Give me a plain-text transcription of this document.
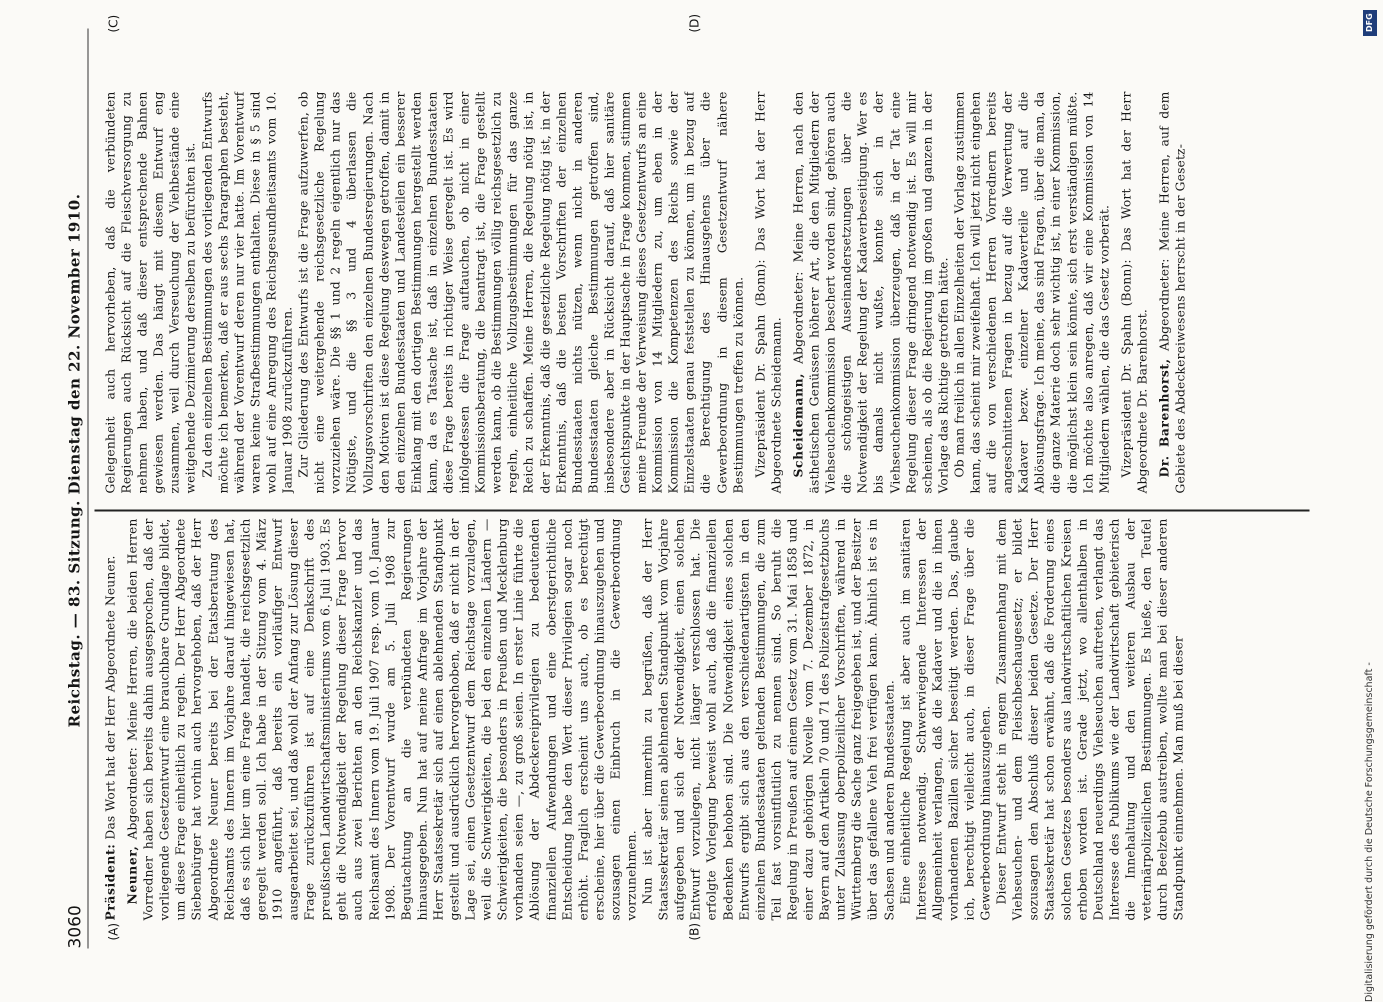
3060
Reichstag. — 83. Sitzung. Dienstag den 22. November 1910.
(A)	(B)
(C)	(D)

Präsident: Das Wort hat der Herr Abgeordnete Neuner.

Neuner, Abgeordneter: Meine Herren, die beiden Herren Vorredner haben sich bereits dahin ausgesprochen, daß der vorliegende Gesetzentwurf eine brauchbare Grundlage bildet, um diese Frage einheitlich zu regeln. Der Herr Abgeordnete Siebenbürger hat vorhin auch hervorgehoben, daß der Herr Abgeordnete Neuner bereits bei der Etatsberatung des Reichsamts des Innern im Vorjahre darauf hingewiesen hat, daß es sich hier um eine Frage handelt, die reichsgesetzlich geregelt werden soll. Ich habe in der Sitzung vom 4. März 1910 angeführt, daß bereits ein vorläufiger Entwurf ausgearbeitet sei, und daß wohl der Anfang zur Lösung dieser Frage zurückzuführen ist auf eine Denkschrift des preußischen Landwirtschaftsministeriums vom 6. Juli 1903. Es geht die Notwendigkeit der Regelung dieser Frage hervor auch aus zwei Berichten an den Reichskanzler und das Reichsamt des Innern vom 19. Juli 1907 resp. vom 10. Januar 1908. Der Vorentwurf wurde am 5. Juli 1908 zur Begutachtung an die verbündeten Regierungen hinausgegeben. Nun hat auf meine Anfrage im Vorjahre der Herr Staatssekretär sich auf einen ablehnenden Standpunkt gestellt und ausdrücklich hervorgehoben, daß er nicht in der Lage sei, einen Gesetzentwurf dem Reichstage vorzulegen, weil die Schwierigkeiten, die bei den einzelnen Ländern — Schwierigkeiten, die besonders in Preußen und Mecklenburg vorhanden seien —, zu groß seien. In erster Linie führte die Ablösung der Abdeckereiprivilegien zu bedeutenden finanziellen Aufwendungen und eine oberstgerichtliche Entscheidung habe den Wert dieser Privilegien sogar noch erhöht. Fraglich erscheint uns auch, ob es berechtigt erscheine, hier über die Gewerbeordnung hinauszugehen und sozusagen einen Einbruch in die Gewerbeordnung vorzunehmen. Nun ist aber immerhin zu begrüßen, daß der Herr Staatssekretär seinen ablehnenden Standpunkt vom Vorjahre aufgegeben und sich der Notwendigkeit, einen solchen Entwurf vorzulegen, nicht länger verschlossen hat. Die erfolgte Vorlegung beweist wohl auch, daß die finanziellen Bedenken behoben sind. Die Notwendigkeit eines solchen Entwurfs ergibt sich aus den verschiedenartigsten in den einzelnen Bundesstaaten geltenden Bestimmungen, die zum Teil fast vorsintflutlich zu nennen sind. So beruht die Regelung in Preußen auf einem Gesetz vom 31. Mai 1858 und einer dazu gehörigen Novelle vom 7. Dezember 1872, in Bayern auf den Artikeln 70 und 71 des Polizeistrafgesetzbuchs unter Zulassung oberpolizeilicher Vorschriften, während in Württemberg die Sache ganz freigegeben ist, und der Besitzer über das gefallene Vieh frei verfügen kann. Ähnlich ist es in Sachsen und anderen Bundesstaaten. Eine einheitliche Regelung ist aber auch im sanitären Interesse notwendig. Schwerwiegende Interessen der Allgemeinheit verlangen, daß die Kadaver und die in ihnen vorhandenen Bazillen sicher beseitigt werden. Das, glaube ich, berechtigt vielleicht auch, in dieser Frage über die Gewerbeordnung hinauszugehen. Dieser Entwurf steht in engem Zusammenhang mit dem Viehseuchen- und dem Fleischbeschaugesetz; er bildet sozusagen den Abschluß dieser beiden Gesetze. Der Herr Staatssekretär hat schon erwähnt, daß die Forderung eines solchen Gesetzes besonders aus landwirtschaftlichen Kreisen erhoben worden ist. Gerade jetzt, wo allenthalben in Deutschland neuerdings Viehseuchen auftreten, verlangt das Interesse des Publikums wie der Landwirtschaft gebieterisch die Innehaltung und den weiteren Ausbau der veterinärpolizeilichen Bestimmungen. Es hieße, den Teufel durch Beelzebub austreiben, wollte man bei dieser anderen Standpunkt einnehmen. Man muß bei dieser

Gelegenheit auch hervorheben, daß die verbündeten Regierungen auch Rücksicht auf die Fleischversorgung zu nehmen haben, und daß dieser entsprechende Bahnen gewiesen werden. Das hängt mit diesem Entwurf eng zusammen, weil durch Verseuchung der Viehbestände eine weitgehende Dezimierung derselben zu befürchten ist. Zu den einzelnen Bestimmungen des vorliegenden Entwurfs möchte ich bemerken, daß er aus sechs Paragraphen besteht, während der Vorentwurf deren nur vier hatte. Im Vorentwurf waren keine Strafbestimmungen enthalten. Diese in § 5 sind wohl auf eine Anregung des Reichsgesundheitsamts vom 10. Januar 1908 zurückzuführen. Zur Gliederung des Entwurfs ist die Frage aufzuwerfen, ob nicht eine weitergehende reichsgesetzliche Regelung vorzuziehen wäre. Die §§ 1 und 2 regeln eigentlich nur das Nötigste, und die §§ 3 und 4 überlassen die Vollzugsvorschriften den einzelnen Bundesregierungen. Nach den Motiven ist diese Regelung deswegen getroffen, damit in den einzelnen Bundesstaaten und Landesteilen ein besserer Einklang mit den dortigen Bestimmungen hergestellt werden kann, da es Tatsache ist, daß in einzelnen Bundesstaaten diese Frage bereits in richtiger Weise geregelt ist. Es wird infolgedessen die Frage auftauchen, ob nicht in einer Kommissionsberatung, die beantragt ist, die Frage gestellt werden kann, ob die Bestimmungen völlig reichsgesetzlich zu regeln, einheitliche Vollzugsbestimmungen für das ganze Reich zu schaffen. Meine Herren, die Regelung nötig ist, in der Erkenntnis, daß die gesetzliche Regelung nötig ist, in der Erkenntnis, daß die besten Vorschriften der einzelnen Bundesstaaten nichts nützen, wenn nicht in anderen Bundesstaaten gleiche Bestimmungen getroffen sind, insbesondere aber in Rücksicht darauf, daß hier sanitäre Gesichtspunkte in der Hauptsache in Frage kommen, stimmen meine Freunde der Verweisung dieses Gesetzentwurfs an eine Kommission von 14 Mitgliedern zu, um eben in der Kommission die Kompetenzen des Reichs sowie der Einzelstaaten genau feststellen zu können, um in bezug auf die Berechtigung des Hinausgehens über die Gewerbeordnung in diesem Gesetzentwurf nähere Bestimmungen treffen zu können. Vizepräsident Dr. Spahn (Bonn): Das Wort hat der Herr Abgeordnete Scheidemann. Scheidemann, Abgeordneter: Meine Herren, nach den ästhetischen Genüssen höherer Art, die den Mitgliedern der Viehseuchenkommission beschert worden sind, gehören auch die schöngeistigen Auseinandersetzungen über die Notwendigkeit der Regelung der Kadaverbeseitigung. Wer es bis damals nicht wußte, konnte sich in der Viehseuchenkommission überzeugen, daß in der Tat eine Regelung dieser Frage dringend notwendig ist. Es will mir scheinen, als ob die Regierung im großen und ganzen in der Vorlage das Richtige getroffen hätte. Ob man freilich in allen Einzelheiten der Vorlage zustimmen kann, das scheint mir zweifelhaft. Ich will jetzt nicht eingehen auf die von verschiedenen Herren Vorrednern bereits angeschnittenen Fragen in bezug auf die Verwertung der Kadaver bezw. einzelner Kadaverteile und auf die Ablösungsfrage. Ich meine, das sind Fragen, über die man, da die ganze Materie doch sehr wichtig ist, in einer Kommission, die möglichst klein sein könnte, sich erst verständigen müßte. Ich möchte also anregen, daß wir eine Kommission von 14 Mitgliedern wählen, die das Gesetz vorberät. Vizepräsident Dr. Spahn (Bonn): Das Wort hat der Herr Abgeordnete Dr. Barenhorst. Dr. Barenhorst, Abgeordneter: Meine Herren, auf dem Gebiete des Abdeckereiwesens herrscht in der Gesetz-

DFG
Digitalisierung gefördert durch die Deutsche Forschungsgemeinschaft -
